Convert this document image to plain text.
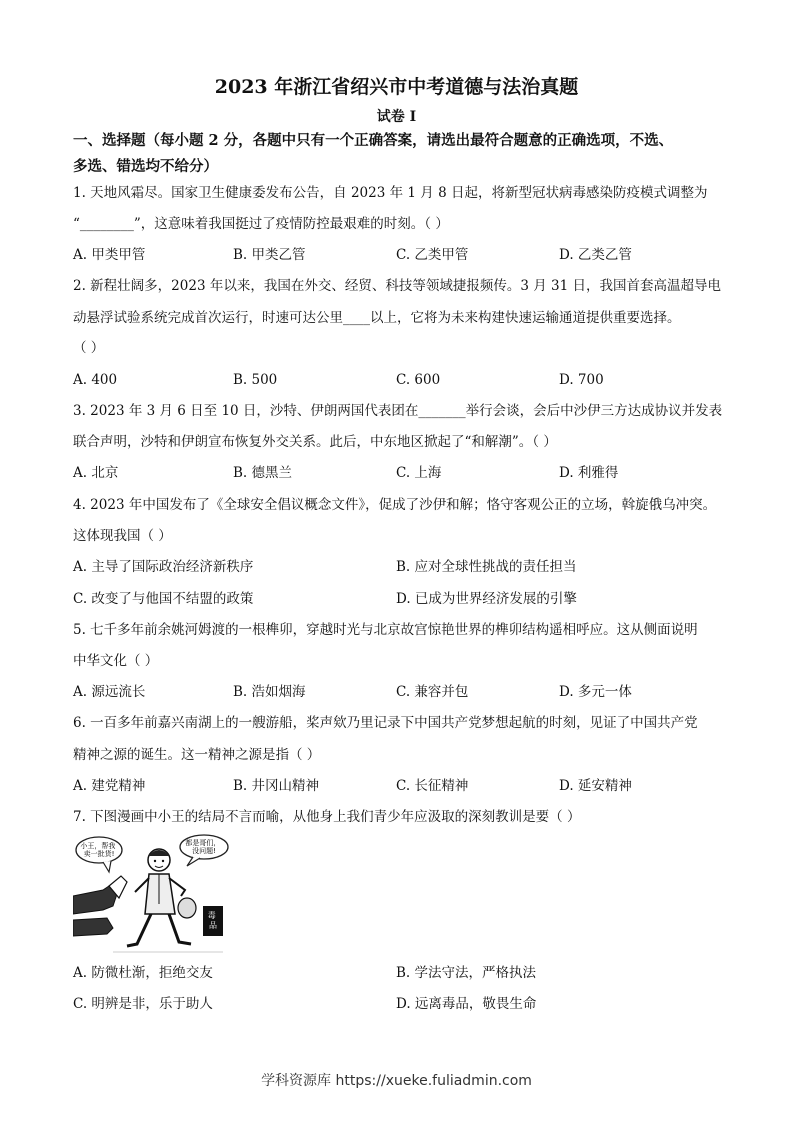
2023 年浙江省绍兴市中考道德与法治真题
试卷 I
一、选择题（每小题 2 分，各题中只有一个正确答案，请选出最符合题意的正确选项，不选、
多选、错选均不给分）
1. 天地风霜尽。国家卫生健康委发布公告，自 2023 年 1 月 8 日起，将新型冠状病毒感染防疫模式调整为
“________”，这意味着我国挺过了疫情防控最艰难的时刻。（ ）
A. 甲类甲管	B. 甲类乙管	C. 乙类甲管	D. 乙类乙管
2. 新程壮阔多，2023 年以来，我国在外交、经贸、科技等领域捷报频传。3 月 31 日，我国首套高温超导电
动悬浮试验系统完成首次运行，时速可达公里____以上，它将为未来构建快速运输通道提供重要选择。
（ ）
A. 400	B. 500	C. 600	D. 700
3. 2023 年 3 月 6 日至 10 日，沙特、伊朗两国代表团在_______举行会谈，会后中沙伊三方达成协议并发表
联合声明，沙特和伊朗宣布恢复外交关系。此后，中东地区掀起了“和解潮”。（ ）
A. 北京	B. 德黑兰	C. 上海	D. 利雅得
4. 2023 年中国发布了《全球安全倡议概念文件》，促成了沙伊和解；恪守客观公正的立场，斡旋俄乌冲突。
这体现我国（ ）
A. 主导了国际政治经济新秩序	B. 应对全球性挑战的责任担当
C. 改变了与他国不结盟的政策	D. 已成为世界经济发展的引擎
5. 七千多年前余姚河姆渡的一根榫卯，穿越时光与北京故宫惊艳世界的榫卯结构遥相呼应。这从侧面说明
中华文化（ ）
A. 源远流长	B. 浩如烟海	C. 兼容并包	D. 多元一体
6. 一百多年前嘉兴南湖上的一艘游船，桨声欸乃里记录下中国共产党梦想起航的时刻，见证了中国共产党
精神之源的诞生。这一精神之源是指（ ）
A. 建党精神	B. 井冈山精神	C. 长征精神	D. 延安精神
7. 下图漫画中小王的结局不言而喻，从他身上我们青少年应汲取的深刻教训是要（ ）
小王，帮我 卖一批货!
都是哥们， 没问题!
毒 品
A. 防微杜渐，拒绝交友	B. 学法守法，严格执法
C. 明辨是非，乐于助人	D. 远离毒品，敬畏生命
学科资源库 https://xueke.fuliadmin.com
